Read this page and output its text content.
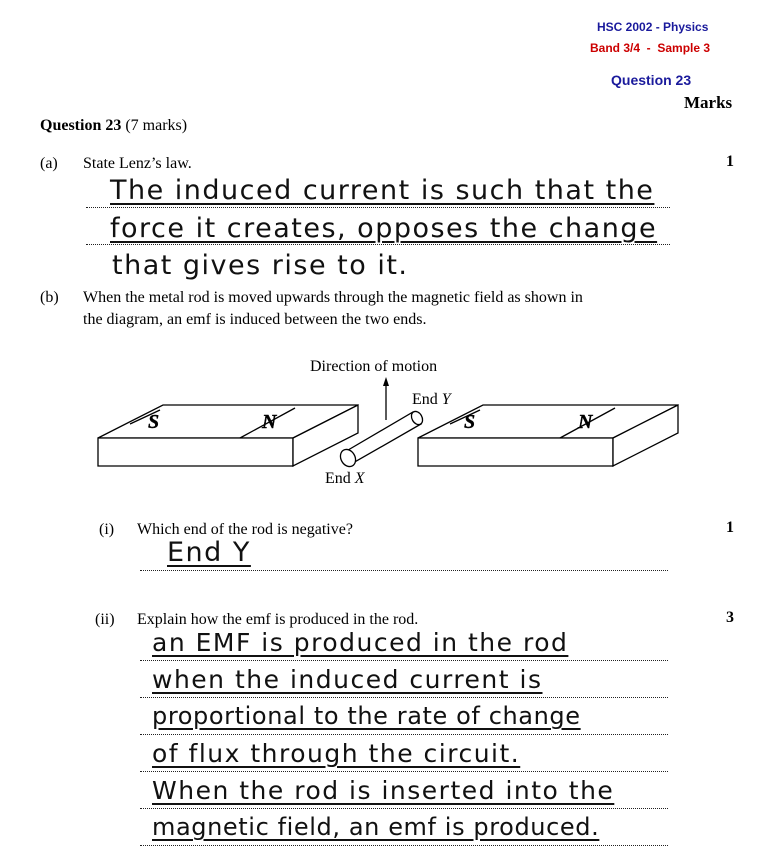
HSC 2002 - Physics
Band 3/4  -  Sample 3
Question 23
Marks
Question 23 (7 marks)
(a) State Lenz’s law.	1
The induced current is such that the
force it creates, opposes the change
that gives rise to it.
(b) When the metal rod is moved upwards through the magnetic field as shown in
the diagram, an emf is induced between the two ends.
S	N	S	N
Direction of motion
End Y
End X
(i) Which end of the rod is negative?	1
End Y
(ii) Explain how the emf is produced in the rod.	3
an EMF is produced in the rod
when the induced current is
proportional to the rate of change
of flux through the circuit.
When the rod is inserted into the
magnetic field, an emf is produced.
